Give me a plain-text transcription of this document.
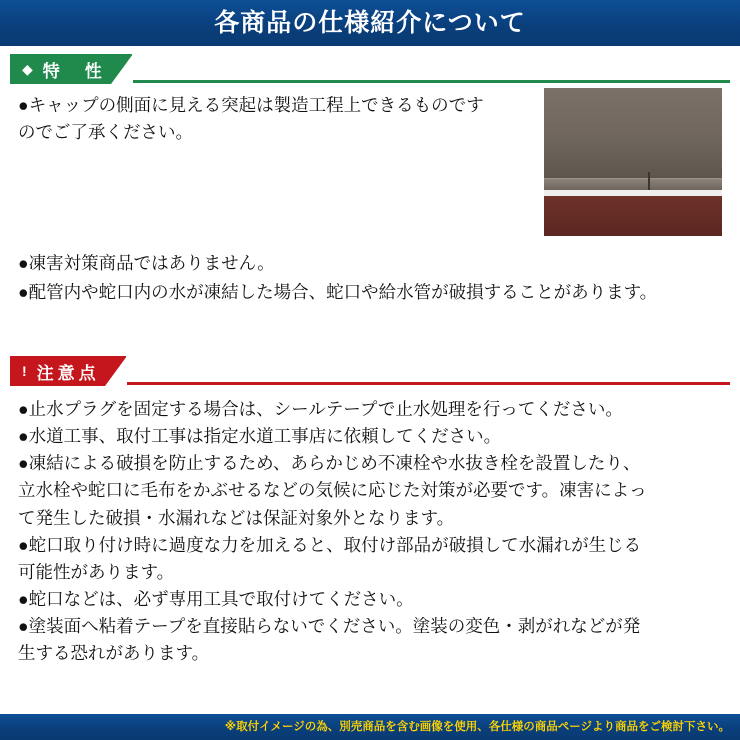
各商品の仕様紹介について
◆ 特　性

●キャップの側面に見える突起は製造工程上できるものです

のでご了承ください。

●凍害対策商品ではありません。

●配管内や蛇口内の水が凍結した場合、蛇口や給水管が破損することがあります。

! 注意点

●止水プラグを固定する場合は、シールテープで止水処理を行ってください。

●水道工事、取付工事は指定水道工事店に依頼してください。

●凍結による破損を防止するため、あらかじめ不凍栓や水抜き栓を設置したり、

立水栓や蛇口に毛布をかぶせるなどの気候に応じた対策が必要です。凍害によっ

て発生した破損・水漏れなどは保証対象外となります。

●蛇口取り付け時に過度な力を加えると、取付け部品が破損して水漏れが生じる

可能性があります。

●蛇口などは、必ず専用工具で取付けてください。

●塗装面へ粘着テープを直接貼らないでください。塗装の変色・剥がれなどが発

生する恐れがあります。

※取付イメージの為、別売商品を含む画像を使用、各仕様の商品ページより商品をご検討下さい。
